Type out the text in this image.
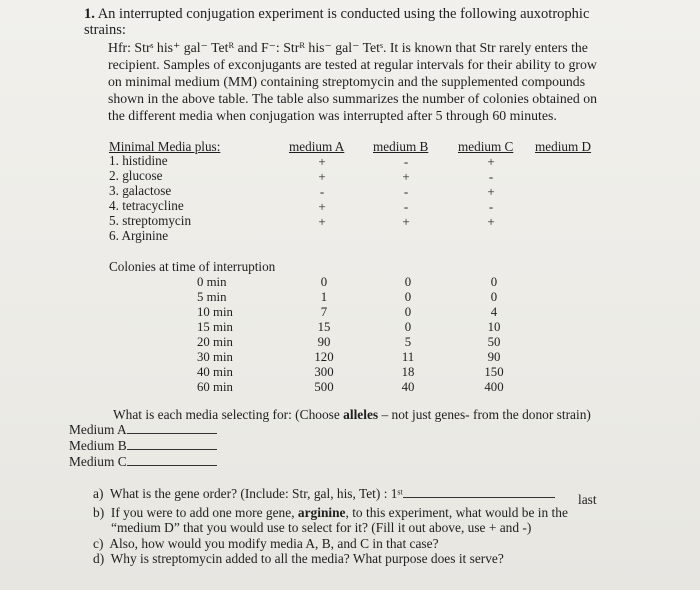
1. An interrupted conjugation experiment is conducted using the following auxotrophic
strains:
Hfr: Strˢ his⁺ gal⁻ Tetᴿ and F⁻: Strᴿ his⁻ gal⁻ Tetˢ. It is known that Str rarely enters the
recipient. Samples of exconjugants are tested at regular intervals for their ability to grow
on minimal medium (MM) containing streptomycin and the supplemented compounds
shown in the above table. The table also summarizes the number of colonies obtained on
the different media when conjugation was interrupted after 5 through 60 minutes.
Minimal Media plus:	medium A medium B medium C medium D
1. histidine
2. glucose
3. galactose
4. tetracycline
5. streptomycin
6. Arginine
+
+
-
+
+
-
+
-
-
+
+
-
+
-
+
Colonies at time of interruption
0 min
5 min
10 min
15 min
20 min
30 min
40 min
60 min
0
1
7
15
90
120
300
500
0
0
0
0
5
11
18
40
0
0
4
10
50
90
150
400
What is each media selecting for: (Choose alleles – not just genes- from the donor strain)
Medium A
Medium B
Medium C
a) What is the gene order? (Include: Str, gal, his, Tet) : 1ˢᵗ	last
b) If you were to add one more gene, arginine, to this experiment, what would be in the
“medium D” that you would use to select for it? (Fill it out above, use + and -)
c) Also, how would you modify media A, B, and C in that case?
d) Why is streptomycin added to all the media? What purpose does it serve?
